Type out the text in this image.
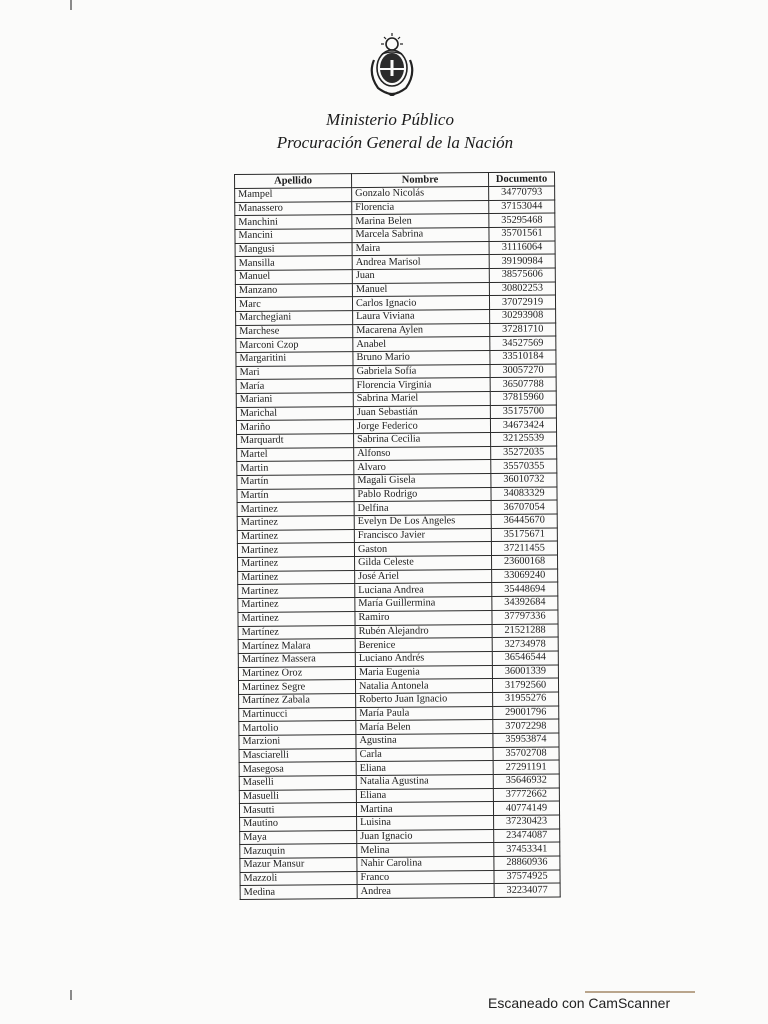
Ministerio Público
Procuración General de la Nación
Apellido	Nombre	Documento
Mampel	Gonzalo Nicolás	34770793
Manassero	Florencia	37153044
Manchini	Marina Belen	35295468
Mancini	Marcela Sabrina	35701561
Mangusi	Maira	31116064
Mansilla	Andrea Marisol	39190984
Manuel	Juan	38575606
Manzano	Manuel	30802253
Marc	Carlos Ignacio	37072919
Marchegiani	Laura Viviana	30293908
Marchese	Macarena Aylen	37281710
Marconi Czop	Anabel	34527569
Margaritini	Bruno Mario	33510184
Mari	Gabriela Sofía	30057270
María	Florencia Virginia	36507788
Mariani	Sabrina Mariel	37815960
Marichal	Juan Sebastián	35175700
Mariño	Jorge Federico	34673424
Marquardt	Sabrina Cecilia	32125539
Martel	Alfonso	35272035
Martin	Alvaro	35570355
Martín	Magali Gisela	36010732
Martín	Pablo Rodrigo	34083329
Martinez	Delfina	36707054
Martinez	Evelyn De Los Angeles	36445670
Martinez	Francisco Javier	35175671
Martinez	Gaston	37211455
Martinez	Gilda Celeste	23600168
Martinez	José Ariel	33069240
Martinez	Luciana Andrea	35448694
Martinez	María Guillermina	34392684
Martinez	Ramiro	37797336
Martínez	Rubén Alejandro	21521288
Martínez Malara	Berenice	32734978
Martínez Massera	Luciano Andrés	36546544
Martinez Oroz	Maria Eugenia	36001339
Martinez Segre	Natalia Antonela	31792560
Martínez Zabala	Roberto Juan Ignacio	31955276
Martinucci	María Paula	29001796
Martolio	María Belen	37072298
Marzioni	Agustina	35953874
Masciarelli	Carla	35702708
Masegosa	Eliana	27291191
Maselli	Natalia Agustina	35646932
Masuelli	Eliana	37772662
Masutti	Martina	40774149
Mautino	Luisina	37230423
Maya	Juan Ignacio	23474087
Mazuquin	Melina	37453341
Mazur Mansur	Nahir Carolina	28860936
Mazzoli	Franco	37574925
Medina	Andrea	32234077
Escaneado con CamScanner
